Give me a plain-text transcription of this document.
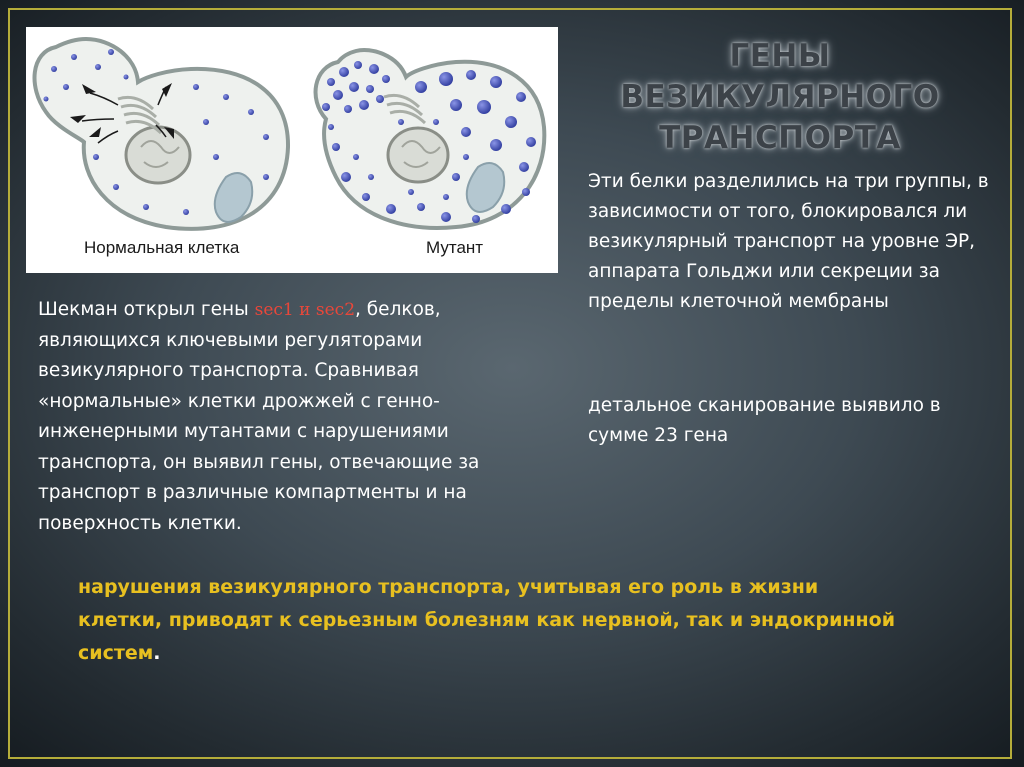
Нормальная клетка	Мутант
ГЕНЫ ВЕЗИКУЛЯРНОГО
ТРАНСПОРТА
Эти белки разделились на три группы, в зависимости от того, блокировался ли везикулярный транспорт на уровне ЭР, аппарата Гольджи или секреции за пределы клеточной мембраны
детальное сканирование выявило в сумме 23 гена
Шекман открыл гены sec1 и sec2, белков, являющихся ключевыми регуляторами везикулярного транспорта. Сравнивая «нормальные» клетки дрожжей с генно-инженерными мутантами с нарушениями транспорта, он выявил гены, отвечающие за транспорт в различные компартменты и на поверхность клетки.
нарушения везикулярного транспорта, учитывая его роль в жизни клетки, приводят к серьезным болезням как нервной, так и эндокринной систем.
